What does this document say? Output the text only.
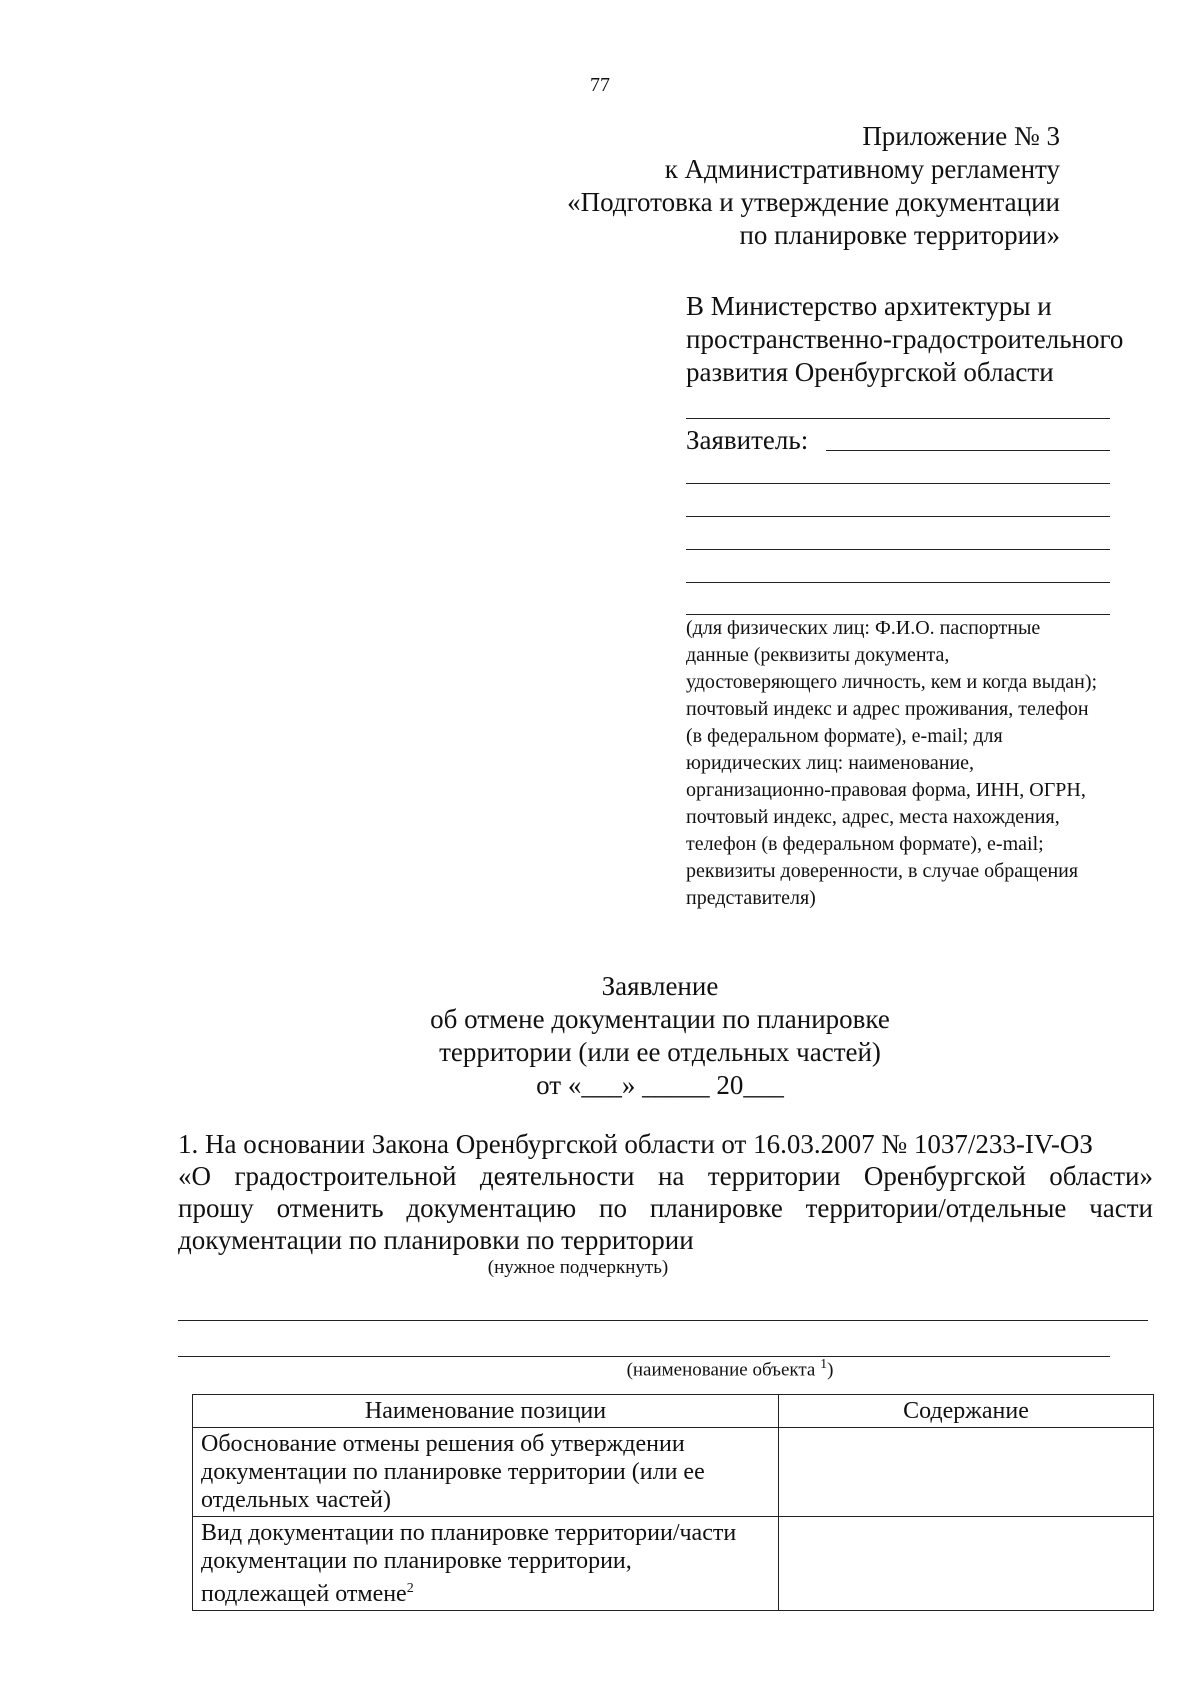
77
Приложение № 3
к Административному регламенту
«Подготовка и утверждение документации
по планировке территории»
В Министерство архитектуры и
пространственно-градостроительного
развития Оренбургской области
Заявитель:
(для физических лиц: Ф.И.О. паспортные
данные (реквизиты документа,
удостоверяющего личность, кем и когда выдан);
почтовый индекс и адрес проживания, телефон
(в федеральном формате), e-mail; для
юридических лиц: наименование,
организационно-правовая форма, ИНН, ОГРН,
почтовый индекс, адрес, места нахождения,
телефон (в федеральном формате), e-mail;
реквизиты доверенности, в случае обращения
представителя)
Заявление
об отмене документации по планировке
территории (или ее отдельных частей)
от «___» _____ 20___
1. На основании Закона Оренбургской области от 16.03.2007 № 1037/233-IV-ОЗ
«О градостроительной деятельности на территории Оренбургской области»
прошу отменить документацию по планировке территории/отдельные части
документации по планировки по территории
(нужное подчеркнуть)
(наименование объекта $^1$)
Наименование позиции	Содержание

Обоснование отмены решения об утверждении
документации по планировке территории (или ее
отдельных частей)	

Вид документации по планировке территории/части
документации по планировке территории,
подлежащей отмене$^2$
